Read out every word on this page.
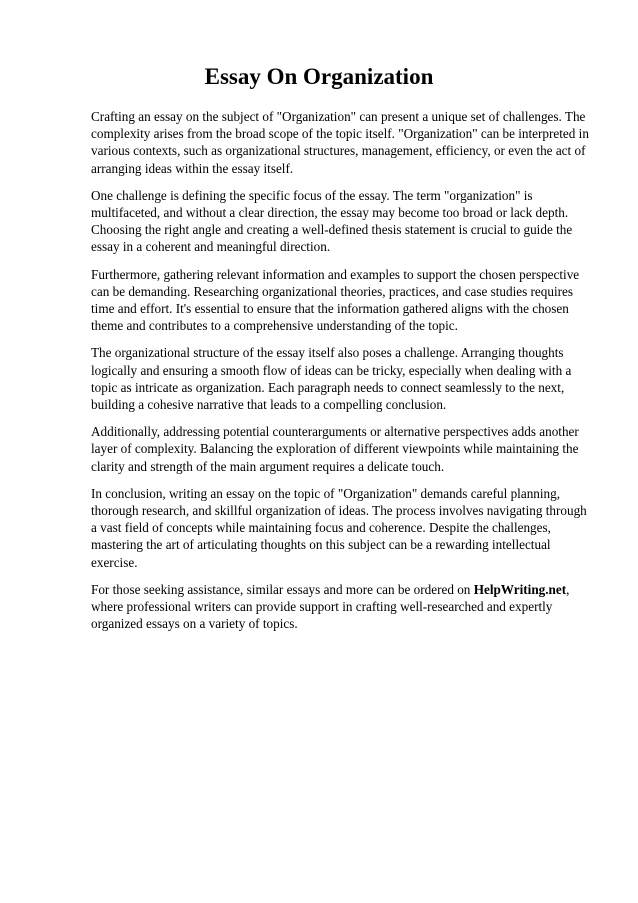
Essay On Organization

Crafting an essay on the subject of "Organization" can present a unique set of challenges. The complexity arises from the broad scope of the topic itself. "Organization" can be interpreted in various contexts, such as organizational structures, management, efficiency, or even the act of arranging ideas within the essay itself.

One challenge is defining the specific focus of the essay. The term "organization" is multifaceted, and without a clear direction, the essay may become too broad or lack depth. Choosing the right angle and creating a well-defined thesis statement is crucial to guide the essay in a coherent and meaningful direction.

Furthermore, gathering relevant information and examples to support the chosen perspective can be demanding. Researching organizational theories, practices, and case studies requires time and effort. It's essential to ensure that the information gathered aligns with the chosen theme and contributes to a comprehensive understanding of the topic.

The organizational structure of the essay itself also poses a challenge. Arranging thoughts logically and ensuring a smooth flow of ideas can be tricky, especially when dealing with a topic as intricate as organization. Each paragraph needs to connect seamlessly to the next, building a cohesive narrative that leads to a compelling conclusion.

Additionally, addressing potential counterarguments or alternative perspectives adds another layer of complexity. Balancing the exploration of different viewpoints while maintaining the clarity and strength of the main argument requires a delicate touch.

In conclusion, writing an essay on the topic of "Organization" demands careful planning, thorough research, and skillful organization of ideas. The process involves navigating through a vast field of concepts while maintaining focus and coherence. Despite the challenges, mastering the art of articulating thoughts on this subject can be a rewarding intellectual exercise.

For those seeking assistance, similar essays and more can be ordered on HelpWriting.net, where professional writers can provide support in crafting well-researched and expertly organized essays on a variety of topics.
